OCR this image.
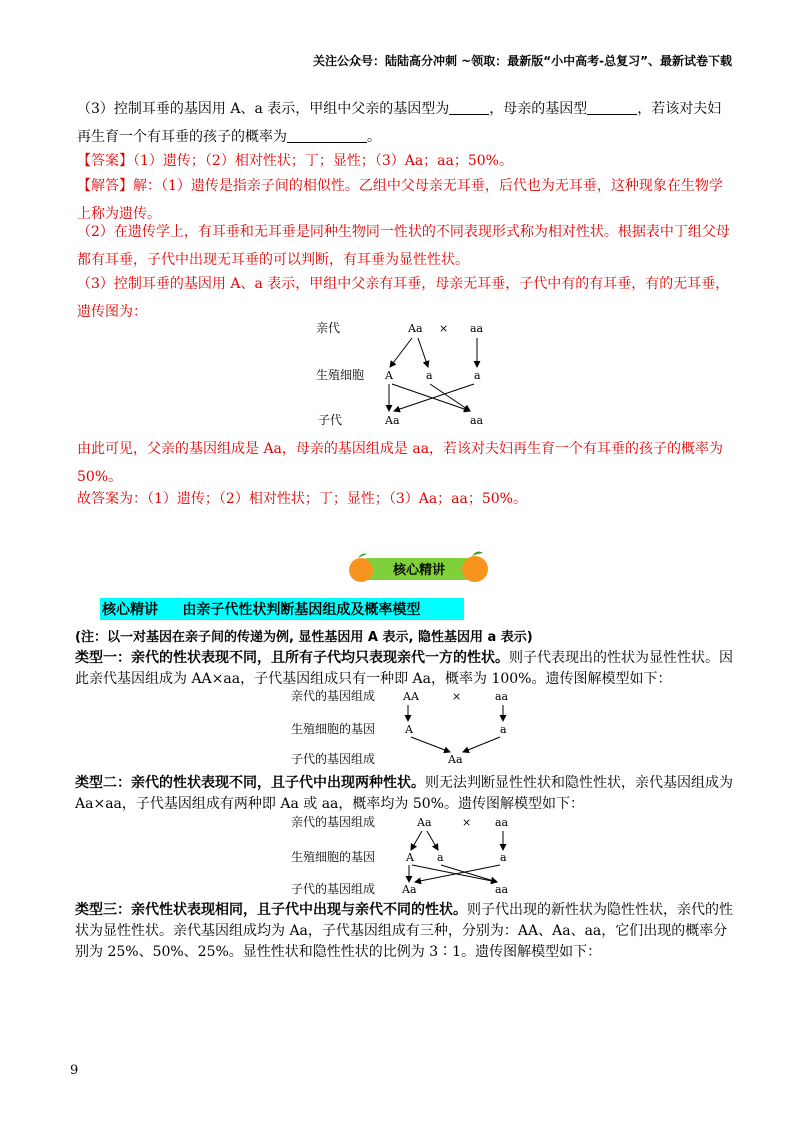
关注公众号：陆陆高分冲刺 ~领取：最新版“小中高考-总复习”、最新试卷下载
（3）控制耳垂的基因用 A、a 表示，甲组中父亲的基因型为	，母亲的基因型	，若该对夫妇
再生育一个有耳垂的孩子的概率为	。
【答案】（1）遗传；（2）相对性状；丁；显性；（3）Aa；aa；50%。
【解答】解：（1）遗传是指亲子间的相似性。乙组中父母亲无耳垂，后代也为无耳垂，这种现象在生物学上称为遗传。
（2）在遗传学上，有耳垂和无耳垂是同种生物同一性状的不同表现形式称为相对性状。根据表中丁组父母都有耳垂，子代中出现无耳垂的可以判断，有耳垂为显性性状。
（3）控制耳垂的基因用 A、a 表示，甲组中父亲有耳垂，母亲无耳垂，子代中有的有耳垂，有的无耳垂，遗传图为：
亲代
生殖细胞
子代
Aa × aa
A	a	a
Aa	aa
由此可见，父亲的基因组成是 Aa，母亲的基因组成是 aa，若该对夫妇再生育一个有耳垂的孩子的概率为 50%。
故答案为：（1）遗传；（2）相对性状；丁；显性；（3）Aa；aa；50%。
核心精讲
核心精讲     由亲子代性状判断基因组成及概率模型
(注：以一对基因在亲子间的传递为例, 显性基因用 A 表示, 隐性基因用 a 表示)
类型一：亲代的性状表现不同，且所有子代均只表现亲代一方的性状。则子代表现出的性状为显性性状。因此亲代基因组成为 AA×aa，子代基因组成只有一种即 Aa，概率为 100%。遗传图解模型如下：
亲代的基因组成
生殖细胞的基因
子代的基因组成
AA	×	aa
A	a
Aa
类型二：亲代的性状表现不同，且子代中出现两种性状。则无法判断显性性状和隐性性状，亲代基因组成为 Aa×aa，子代基因组成有两种即 Aa 或 aa，概率均为 50%。遗传图解模型如下：
亲代的基因组成
生殖细胞的基因
子代的基因组成
Aa	× aa
A a	a
Aa	aa
类型三：亲代性状表现相同，且子代中出现与亲代不同的性状。则子代出现的新性状为隐性性状，亲代的性状为显性性状。亲代基因组成均为 Aa，子代基因组成有三种，分别为：AA、Aa、aa，它们出现的概率分别为 25%、50%、25%。显性性状和隐性性状的比例为 3∶1。遗传图解模型如下：
9
